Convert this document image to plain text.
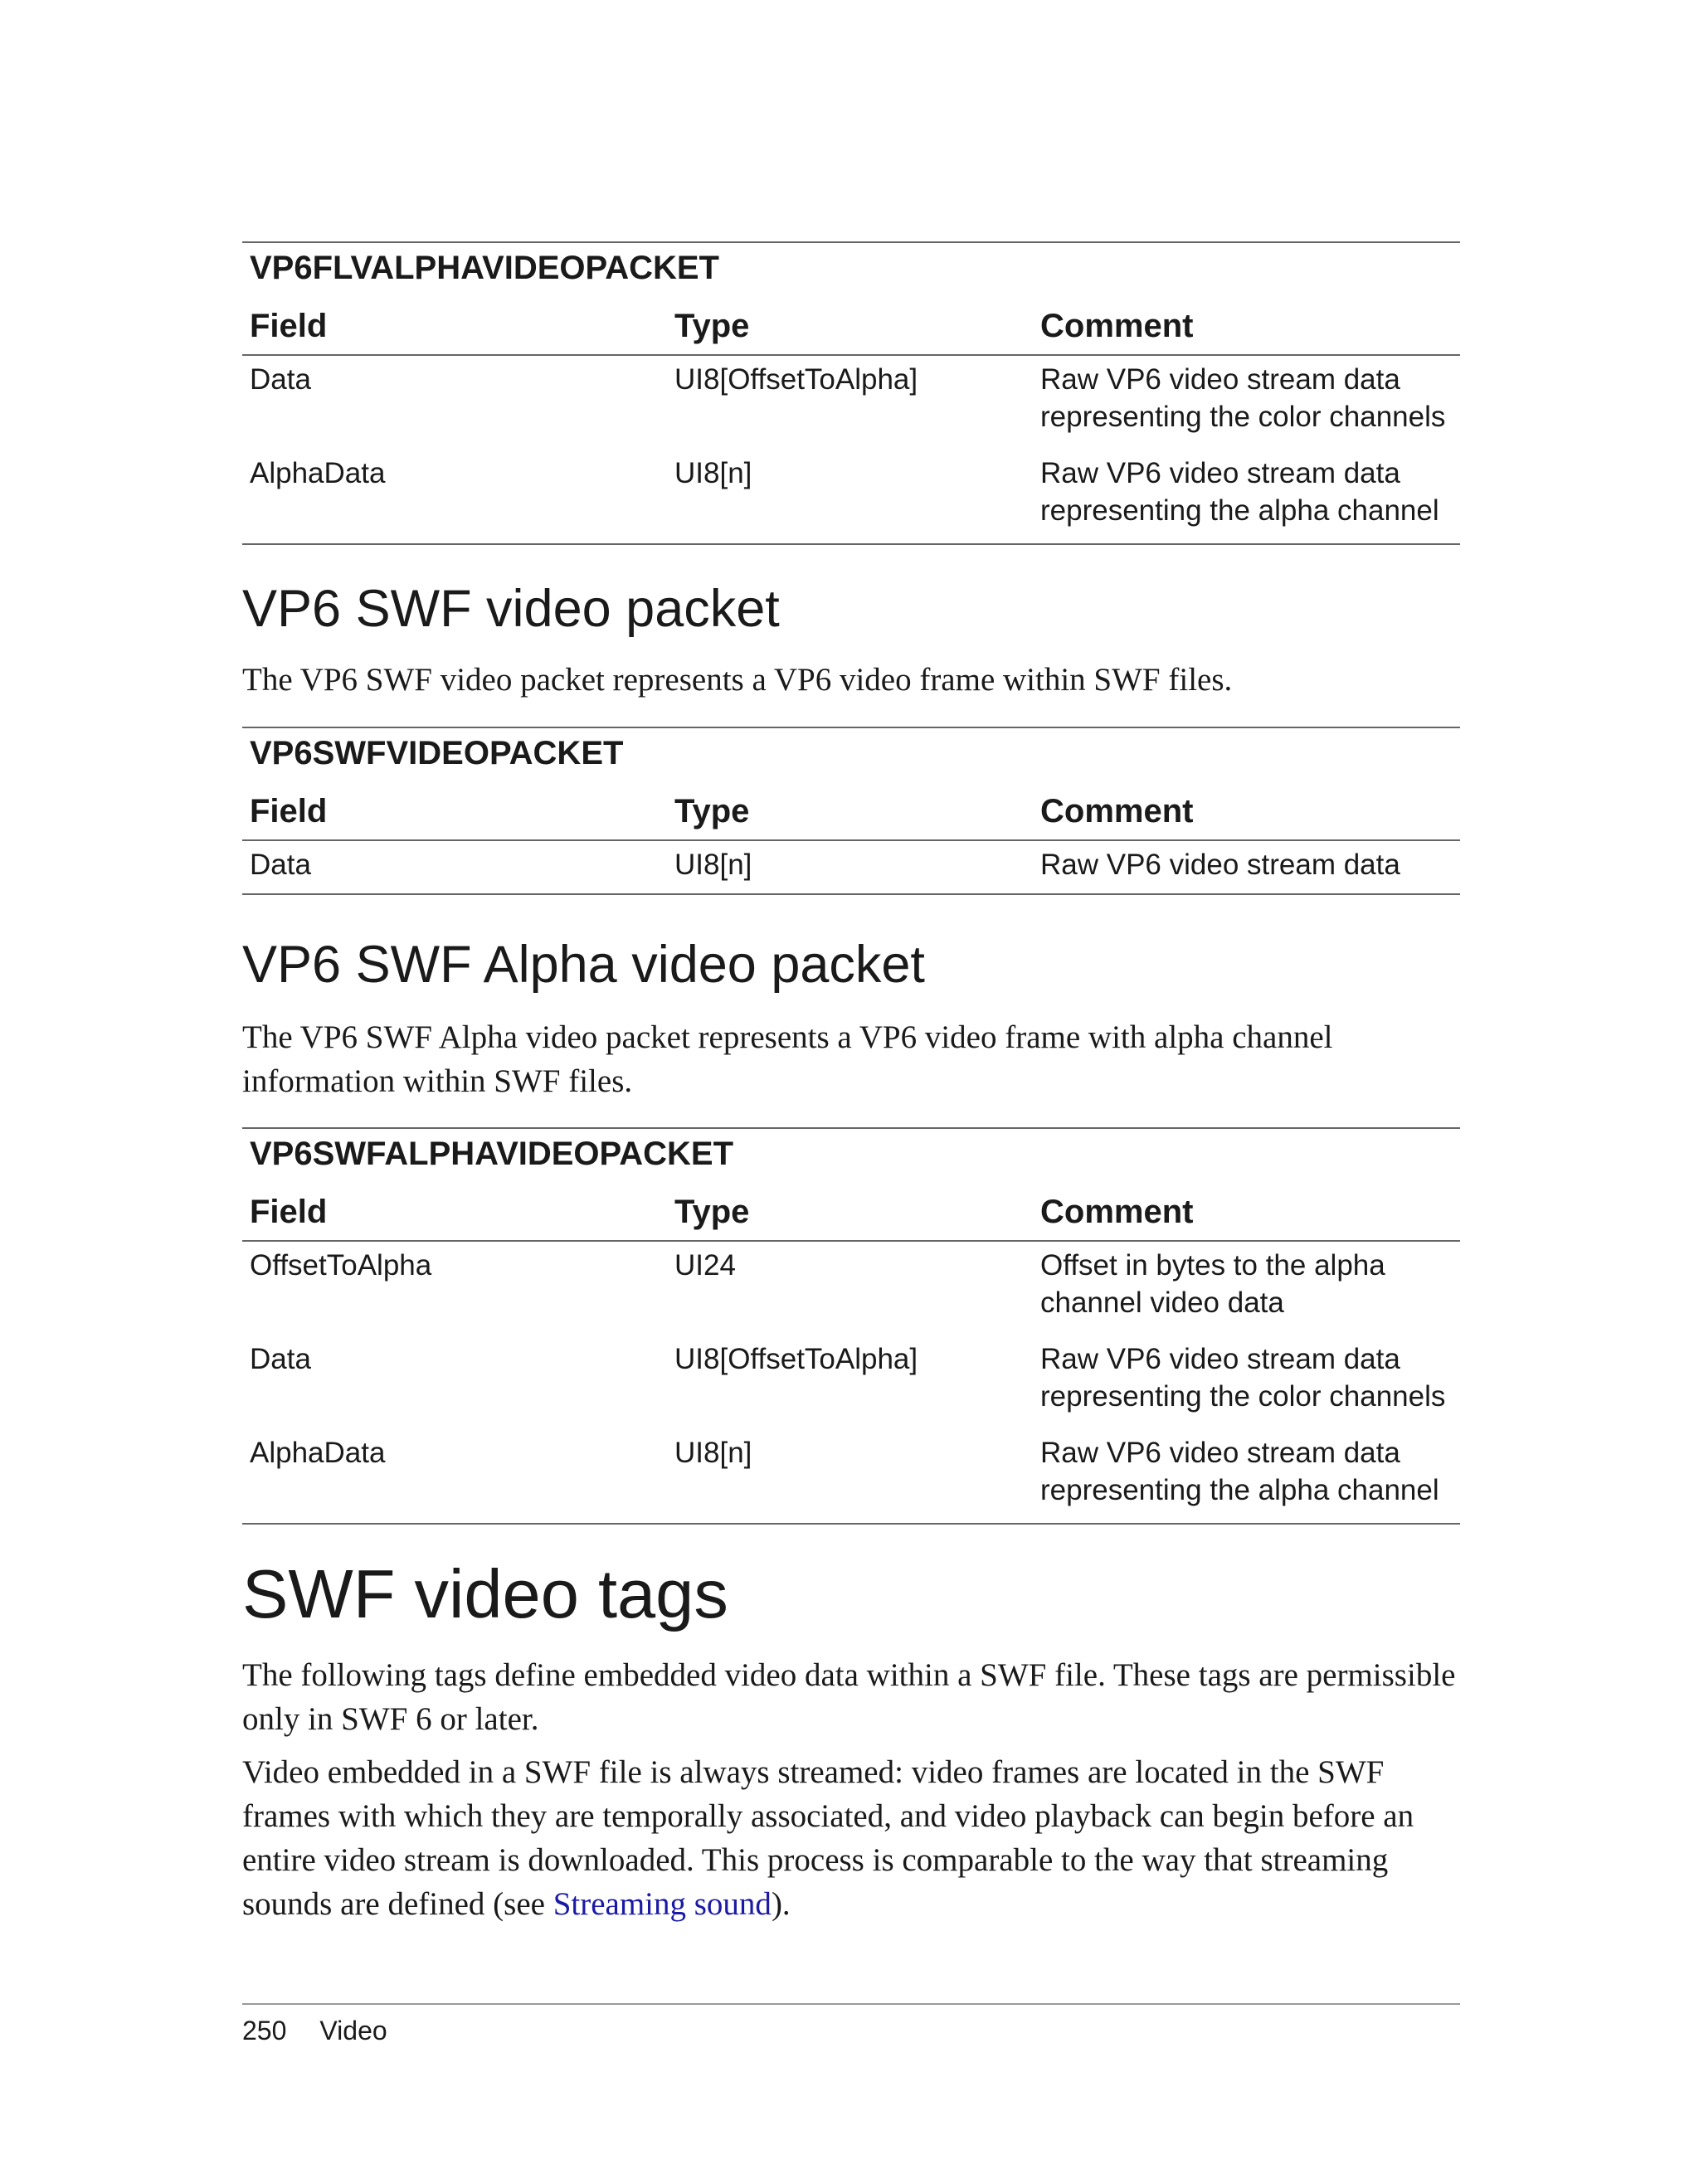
VP6FLVALPHAVIDEOPACKET
Field	Type	Comment
Data	UI8[OffsetToAlpha]	Raw VP6 video stream data
representing the color channels
AlphaData	UI8[n]	Raw VP6 video stream data
representing the alpha channel
VP6 SWF video packet

The VP6 SWF video packet represents a VP6 video frame within SWF files.

VP6SWFVIDEOPACKET
Field	Type	Comment
Data	UI8[n]	Raw VP6 video stream data
VP6 SWF Alpha video packet
The VP6 SWF Alpha video packet represents a VP6 video frame with alpha channel
information within SWF files.
VP6SWFALPHAVIDEOPACKET
Field	Type	Comment
OffsetToAlpha	UI24	Offset in bytes to the alpha
channel video data
Data	UI8[OffsetToAlpha]	Raw VP6 video stream data
representing the color channels
AlphaData	UI8[n]	Raw VP6 video stream data
representing the alpha channel
SWF video tags
The following tags define embedded video data within a SWF file. These tags are permissible
only in SWF 6 or later.
Video embedded in a SWF file is always streamed: video frames are located in the SWF
frames with which they are temporally associated, and video playback can begin before an
entire video stream is downloaded. This process is comparable to the way that streaming
sounds are defined (see Streaming sound).
250 Video
